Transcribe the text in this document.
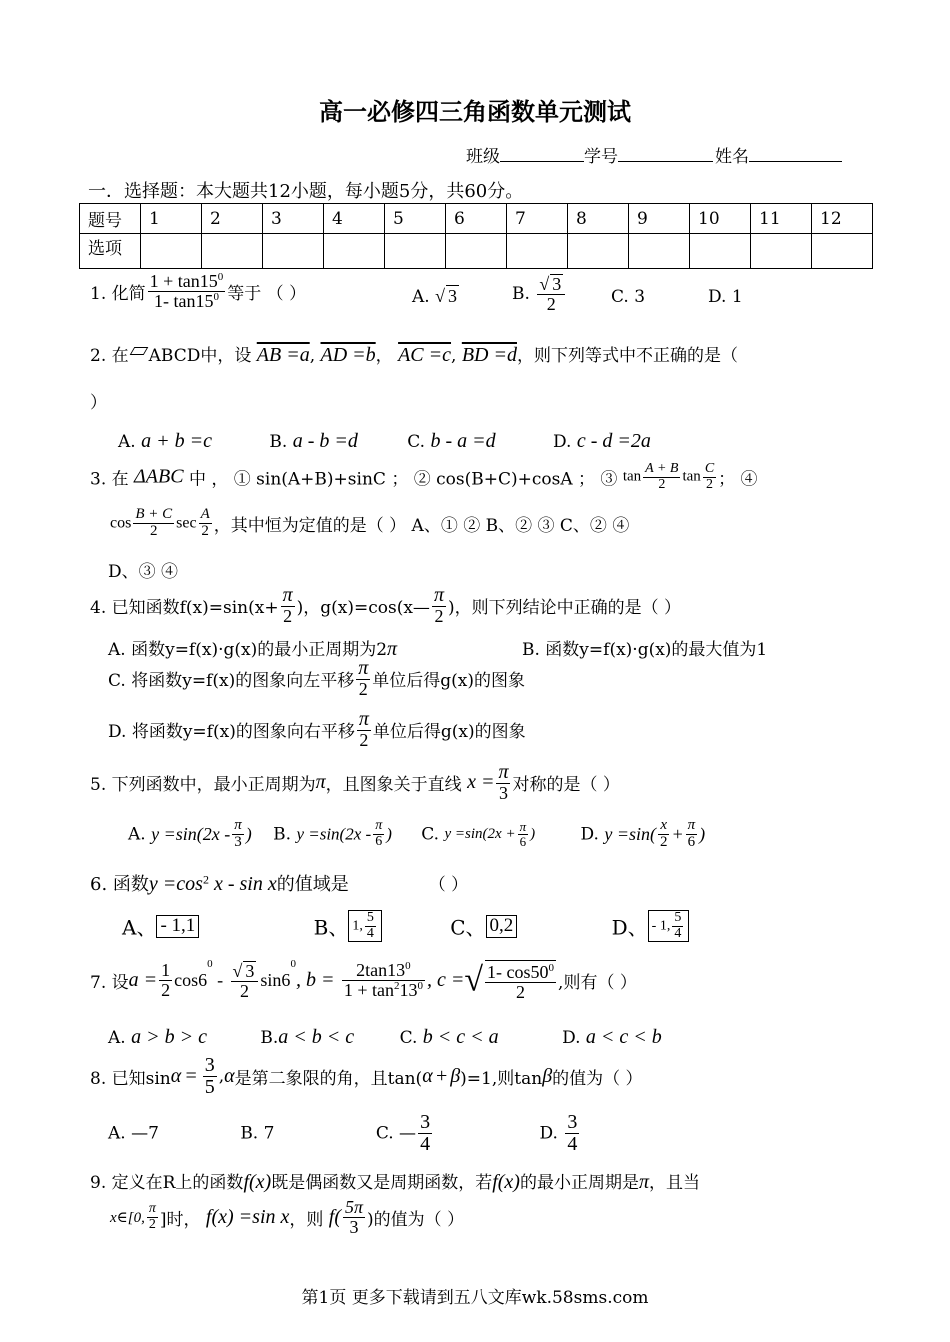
高一必修四三角函数单元测试
班级	学号	姓名
一．选择题：本大题共12小题，每小题5分，共60分。
题号	1	2	3	4	5	6	7	8	9	10	11	12
选项												
1. 化简 $\frac{1 + \tan 15^0}{1- \tan 15^0}$ 等于 （ ）	A. √ 3	B. $\frac{√ 3}{2}$	C. 3	D. 1
2. 在 ABCD中，设 AB =a, AD =b， AC =c, BD =d，则下列等式中不正确的是（
）
A. a + b =c	B. a - b =d	C. b - a =d	D. c - d =2a
3. 在 ΔABC 中 ， ① sin(A+B)+sinC ； ② cos(B+C)+cosA ； ③ $\tan \frac{A + B}{2}$ $\tan \frac{C}{2}$ ； ④
$\cos \frac{B + C}{2}$ $\sec \frac{A}{2}$ ，其中恒为定值的是（ ） A、① ② B、② ③ C、② ④
D、③ ④
4. 已知函数$f(x)=\sin(x+ \frac{\pi}{2}$ )，g(x)=cos(x— $\frac{\pi}{2}$ )，则下列结论中正确的是（ ）
A. 函数y=f(x)·g(x)的最小正周期为2π	B. 函数y=f(x)·g(x)的最大值为1
C. 将函数y=f(x)的图象向左平移 $\frac{\pi}{2}$ 单位后得g(x)的图象
D. 将函数y=f(x)的图象向右平移 $\frac{\pi}{2}$ 单位后得g(x)的图象
5. 下列函数中，最小正周期为π，且图象关于直线 $x = \frac{\pi}{3}$ 对称的是（ ）
A. $y =\sin(2x - \frac{\pi}{3}$ ) B. $y =\sin(2x - \frac{\pi}{6}$ ) C. $y =\sin(2x + \frac{\pi}{6}$ )	D. $y =\sin( \frac{x}{2} + \frac{\pi}{6}$ )
6. 函数$y =\cos^2$ x - sin x的值域是	（ ）
A、 - 1,1	B、 1, $\frac{5}{4}$	C、 0,2	D、 - 1, $\frac{5}{4}$
7. 设$a = \frac{1}{2} \cos 6^0 - \frac{√ 3}{2} \sin 6^0$, $b = \frac{2\tan 13^0}{1 + \tan^213^0}$ , c =√ $\frac{1- \cos 50^0}{2}$ ,则有（ ）
A. a > b > c	B.a < b < c	C. b < c < a	D. a < c < b
8. 已知$\sin\alpha = \frac{3}{5} ,\alpha$是第二象限的角，且tan(α + β)=1,则tanβ的值为（ ）
A. —7	B. 7	C. — $\frac{3}{4}$	D. $\frac{3}{4}$
9. 定义在R上的函数f(x)既是偶函数又是周期函数，若f(x)的最小正周期是π，且当
x∈[0, $\frac{\pi}{2}$ ]时， f(x) =sin x，则 $f( \frac{5\pi}{3}$ )的值为（ ）
第1页 更多下载请到五八文库wk.58sms.com
